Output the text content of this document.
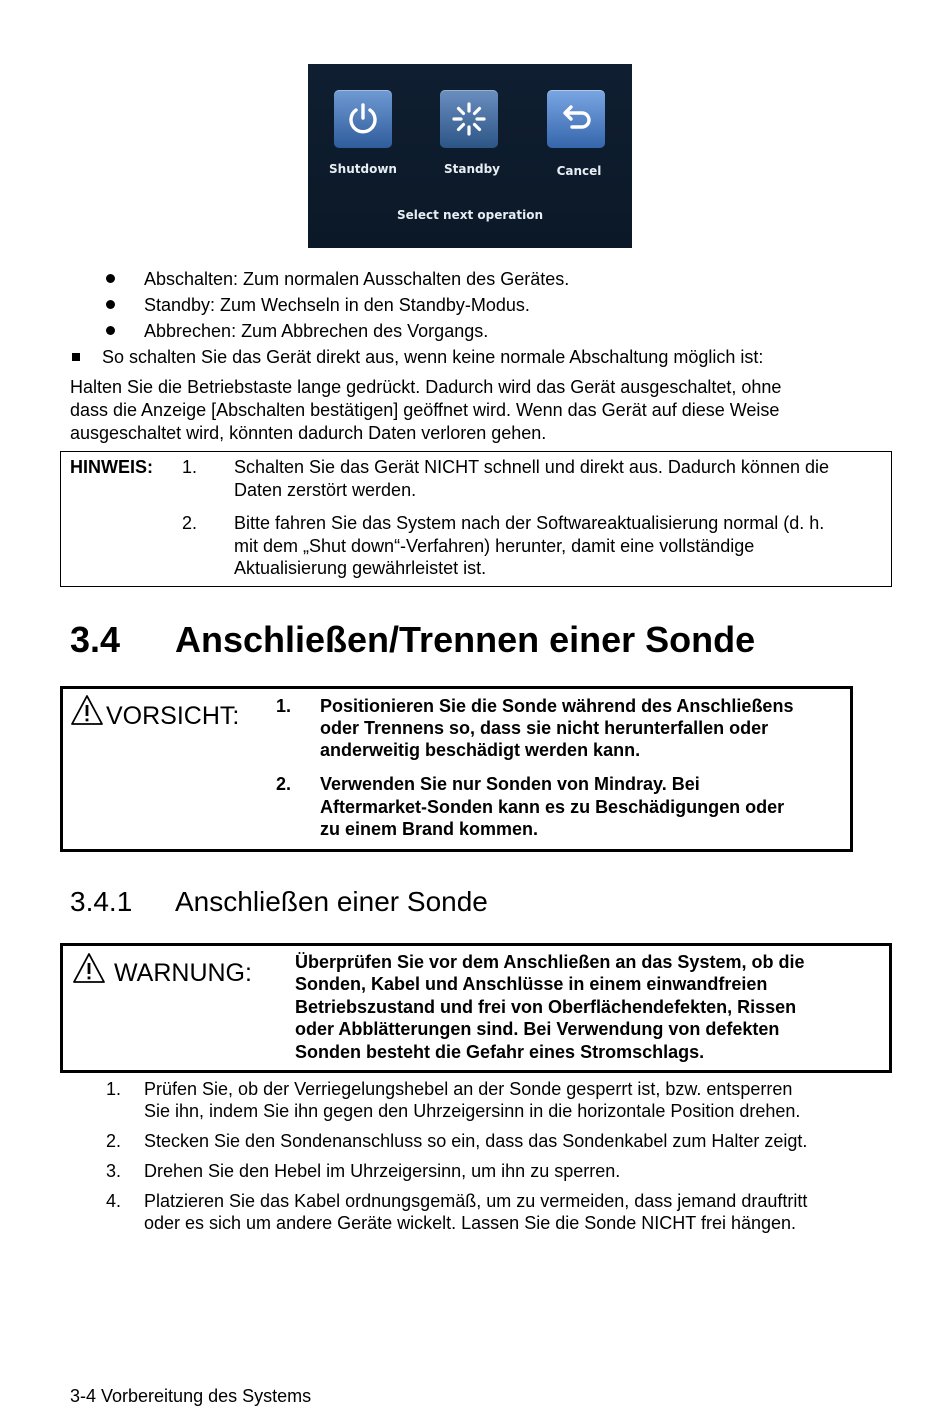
Shutdown	Standby	Cancel
Select next operation
Abschalten: Zum normalen Ausschalten des Gerätes.
Standby: Zum Wechseln in den Standby-Modus.
Abbrechen: Zum Abbrechen des Vorgangs.
So schalten Sie das Gerät direkt aus, wenn keine normale Abschaltung möglich ist:
Halten Sie die Betriebstaste lange gedrückt. Dadurch wird das Gerät ausgeschaltet, ohne
dass die Anzeige [Abschalten bestätigen] geöffnet wird. Wenn das Gerät auf diese Weise
ausgeschaltet wird, könnten dadurch Daten verloren gehen.
HINWEIS: 1. Schalten Sie das Gerät NICHT schnell und direkt aus. Dadurch können die
Daten zerstört werden.
2. Bitte fahren Sie das System nach der Softwareaktualisierung normal (d. h.
mit dem „Shut down“-Verfahren) herunter, damit eine vollständige
Aktualisierung gewährleistet ist.
3.4 Anschließen/Trennen einer Sonde
VORSICHT: 1. Positionieren Sie die Sonde während des Anschließens
oder Trennens so, dass sie nicht herunterfallen oder
anderweitig beschädigt werden kann.
2. Verwenden Sie nur Sonden von Mindray. Bei
Aftermarket-Sonden kann es zu Beschädigungen oder
zu einem Brand kommen.
3.4.1 Anschließen einer Sonde
WARNUNG: Überprüfen Sie vor dem Anschließen an das System, ob die
Sonden, Kabel und Anschlüsse in einem einwandfreien
Betriebszustand und frei von Oberflächendefekten, Rissen
oder Abblätterungen sind. Bei Verwendung von defekten
Sonden besteht die Gefahr eines Stromschlags.
1. Prüfen Sie, ob der Verriegelungshebel an der Sonde gesperrt ist, bzw. entsperren
Sie ihn, indem Sie ihn gegen den Uhrzeigersinn in die horizontale Position drehen.
2. Stecken Sie den Sondenanschluss so ein, dass das Sondenkabel zum Halter zeigt.
3. Drehen Sie den Hebel im Uhrzeigersinn, um ihn zu sperren.
4. Platzieren Sie das Kabel ordnungsgemäß, um zu vermeiden, dass jemand drauftritt
oder es sich um andere Geräte wickelt. Lassen Sie die Sonde NICHT frei hängen.
3-4 Vorbereitung des Systems
